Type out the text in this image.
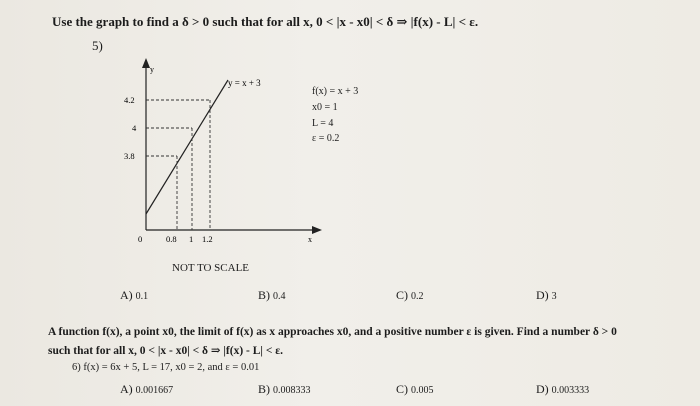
Use the graph to find a δ > 0 such that for all x, 0 < |x - x0| < δ ⇒ |f(x) - L| < ε.
5)
y
x
y = x + 3
4.2
4
3.8
0	0.8 1 1.2
f(x) = x + 3
x0 = 1
L = 4
ε = 0.2
NOT TO SCALE
A) 0.1	B) 0.4	C) 0.2	D) 3
A function f(x), a point x0, the limit of f(x) as x approaches x0, and a positive number ε is given. Find a number δ > 0
such that for all x, 0 < |x - x0| < δ ⇒ |f(x) - L| < ε.
6) f(x) = 6x + 5, L = 17, x0 = 2, and ε = 0.01
A) 0.001667	B) 0.008333	C) 0.005	D) 0.003333
